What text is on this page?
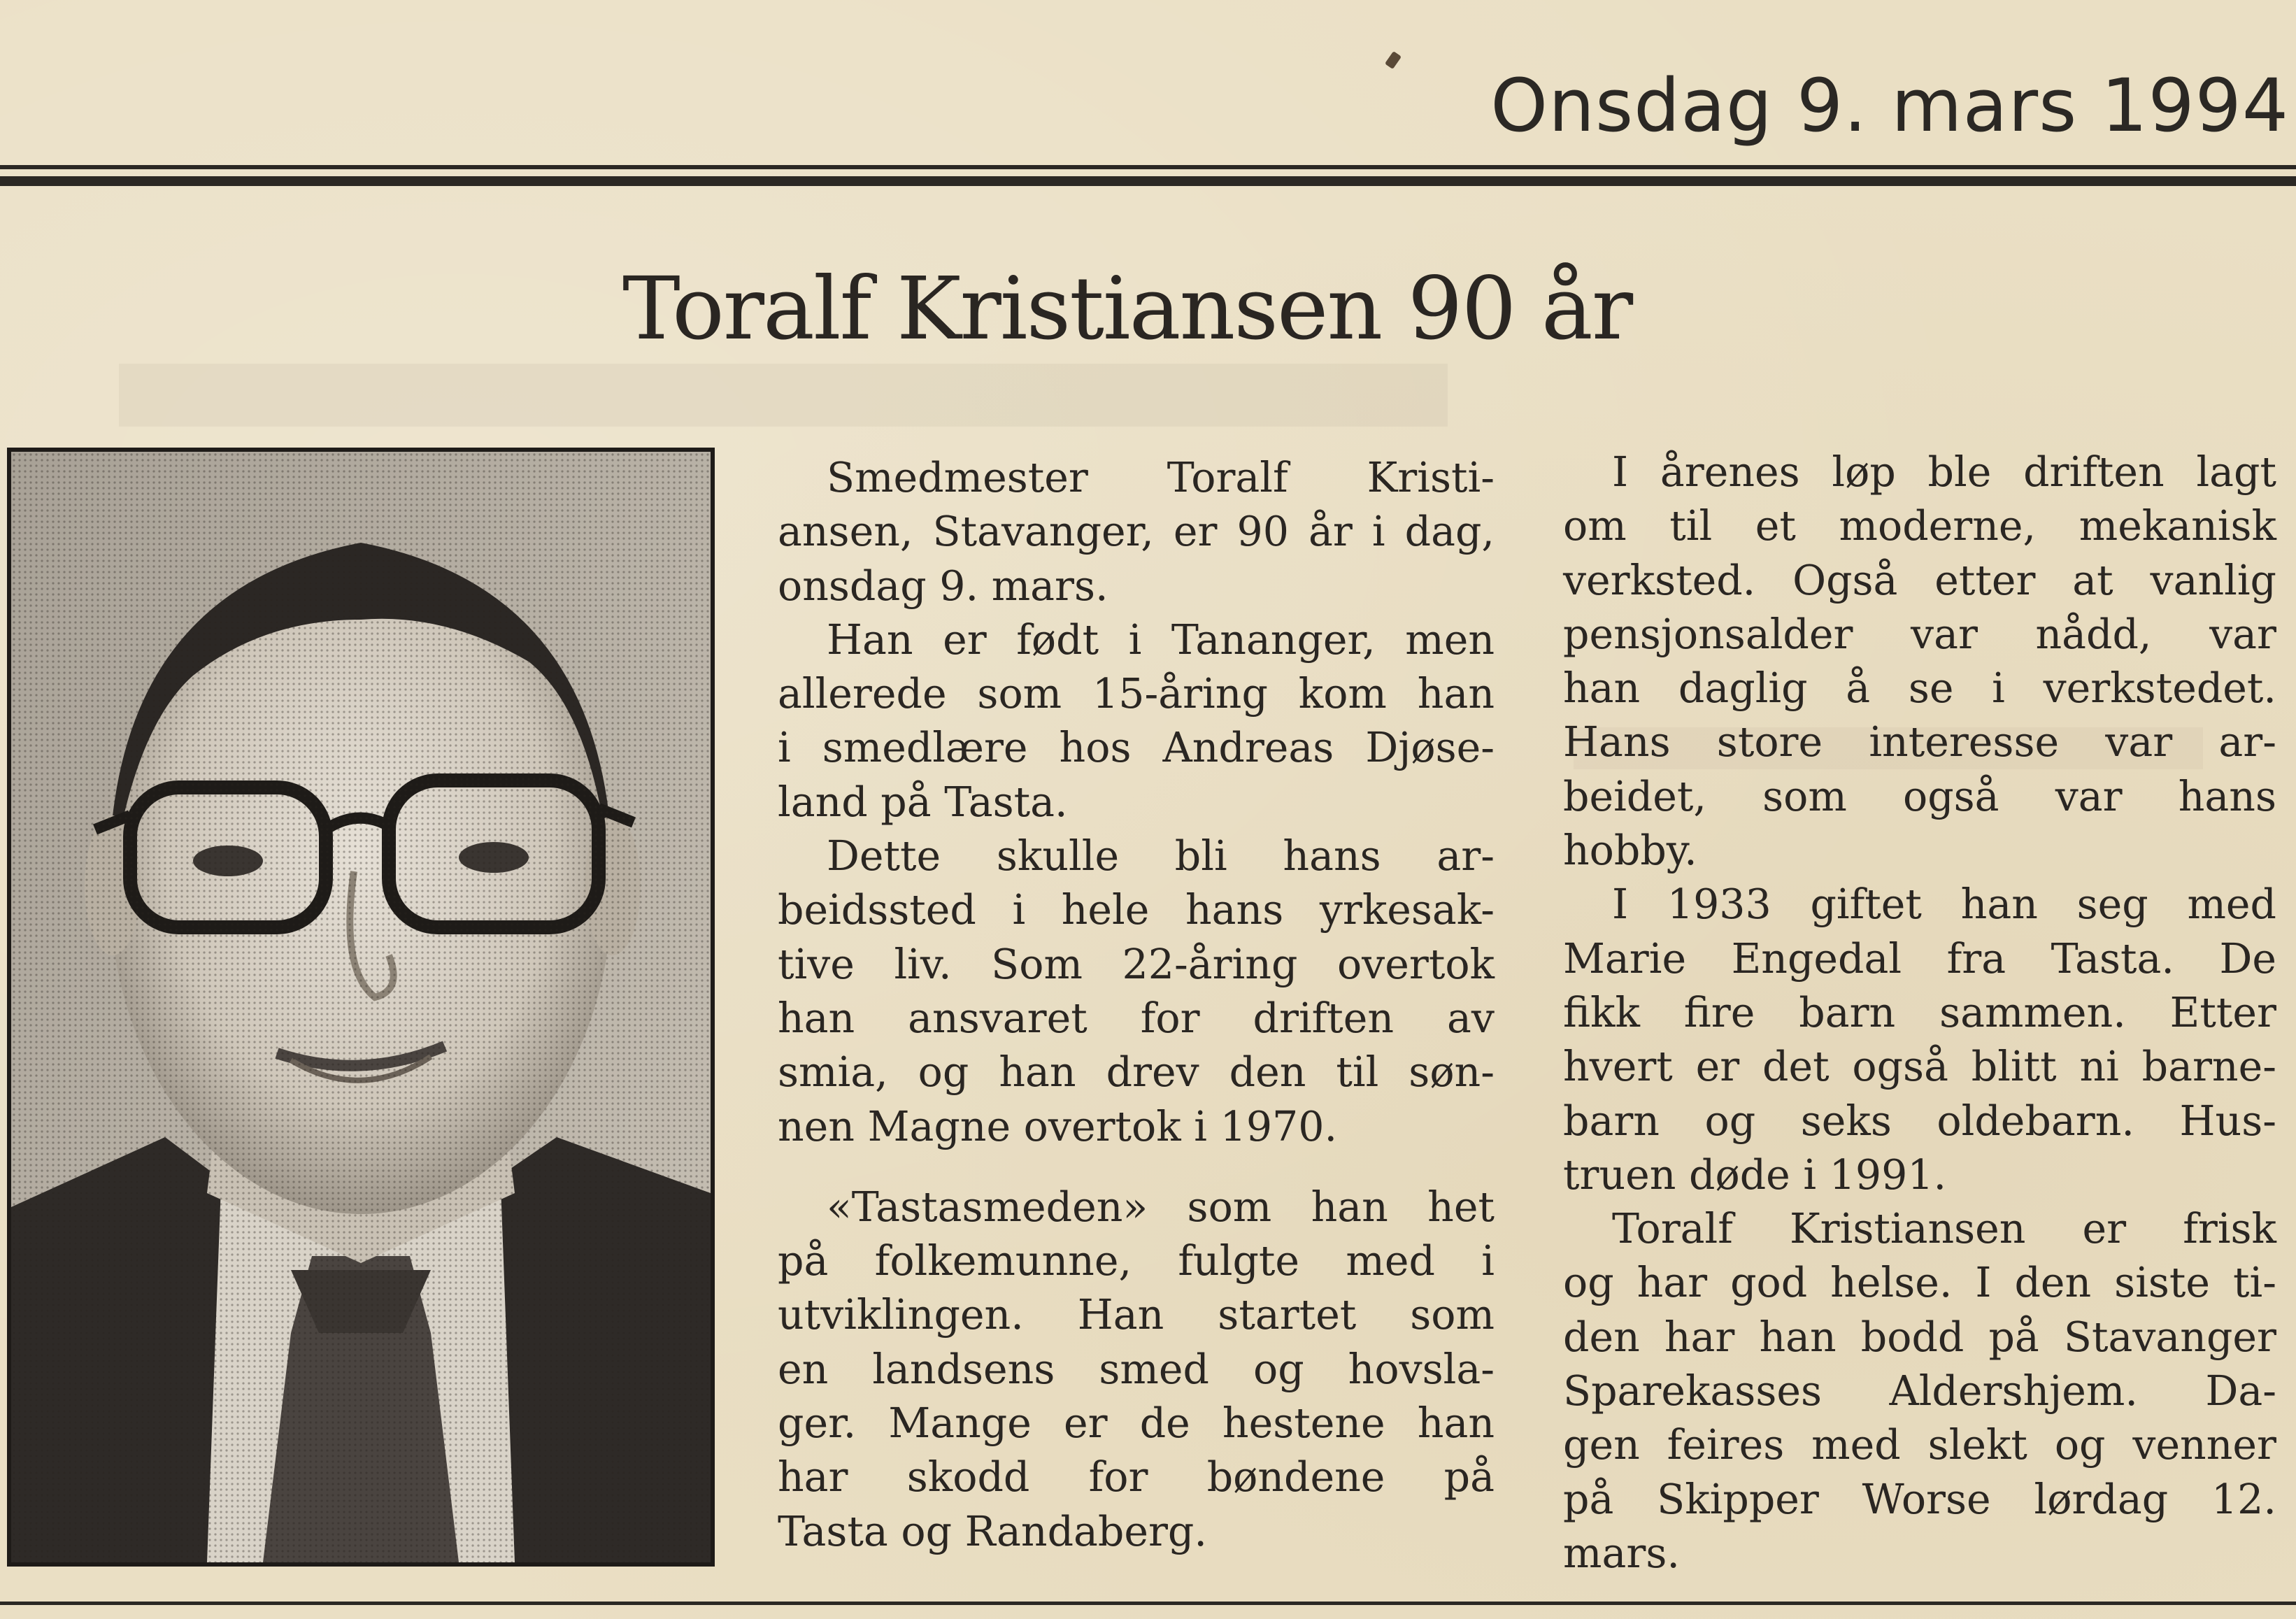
Onsdag 9. mars 1994
Toralf Kristiansen 90 år
Smedmester Toralf Kristi-
ansen, Stavanger, er 90 år i dag,
onsdag 9. mars.
Han er født i Tananger, men
allerede som 15-åring kom han
i smedlære hos Andreas Djøse-
land på Tasta.
Dette skulle bli hans ar-
beidssted i hele hans yrkesak-
tive liv. Som 22-åring overtok
han ansvaret for driften av
smia, og han drev den til søn-
nen Magne overtok i 1970.
«Tastasmeden» som han het
på folkemunne, fulgte med i
utviklingen. Han startet som
en landsens smed og hovsla-
ger. Mange er de hestene han
har skodd for bøndene på
Tasta og Randaberg.
I årenes løp ble driften lagt
om til et moderne, mekanisk
verksted. Også etter at vanlig
pensjonsalder var nådd, var
han daglig å se i verkstedet.
Hans store interesse var ar-
beidet, som også var hans
hobby.
I 1933 giftet han seg med
Marie Engedal fra Tasta. De
fikk fire barn sammen. Etter
hvert er det også blitt ni barne-
barn og seks oldebarn. Hus-
truen døde i 1991.
Toralf Kristiansen er frisk
og har god helse. I den siste ti-
den har han bodd på Stavanger
Sparekasses Aldershjem. Da-
gen feires med slekt og venner
på Skipper Worse lørdag 12.
mars.
